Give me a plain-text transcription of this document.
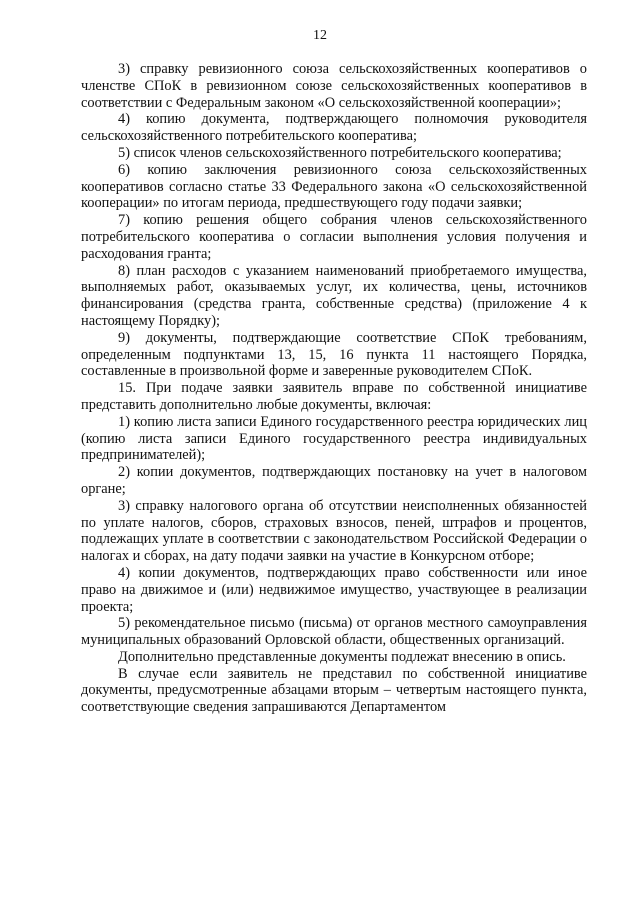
12

3) справку ревизионного союза сельскохозяйственных кооперативов о членстве СПоК в ревизионном союзе сельскохозяйственных кооперативов в соответствии с Федеральным законом «О сельскохозяйственной кооперации»;

4) копию документа, подтверждающего полномочия руководителя сельскохозяйственного потребительского кооператива;

5) список членов сельскохозяйственного потребительского кооператива;

6) копию заключения ревизионного союза сельскохозяйственных кооперативов согласно статье 33 Федерального закона «О сельскохозяйственной кооперации» по итогам периода, предшествующего году подачи заявки;

7) копию решения общего собрания членов сельскохозяйственного потребительского кооператива о согласии выполнения условия получения и расходования гранта;

8) план расходов с указанием наименований приобретаемого имущества, выполняемых работ, оказываемых услуг, их количества, цены, источников финансирования (средства гранта, собственные средства) (приложение 4 к настоящему Порядку);

9) документы, подтверждающие соответствие СПоК требованиям, определенным подпунктами 13, 15, 16 пункта 11 настоящего Порядка, составленные в произвольной форме и заверенные руководителем СПоК.

15. При подаче заявки заявитель вправе по собственной инициативе представить дополнительно любые документы, включая:

1) копию листа записи Единого государственного реестра юридических лиц (копию листа записи Единого государственного реестра индивидуальных предпринимателей);

2) копии документов, подтверждающих постановку на учет в налоговом органе;

3) справку налогового органа об отсутствии неисполненных обязанностей по уплате налогов, сборов, страховых взносов, пеней, штрафов и процентов, подлежащих уплате в соответствии с законодательством Российской Федерации о налогах и сборах, на дату подачи заявки на участие в Конкурсном отборе;

4) копии документов, подтверждающих право собственности или иное право на движимое и (или) недвижимое имущество, участвующее в реализации проекта;

5) рекомендательное письмо (письма) от органов местного самоуправления муниципальных образований Орловской области, общественных организаций.

Дополнительно представленные документы подлежат внесению в опись.

В случае если заявитель не представил по собственной инициативе документы, предусмотренные абзацами вторым – четвертым настоящего пункта, соответствующие сведения запрашиваются Департаментом
